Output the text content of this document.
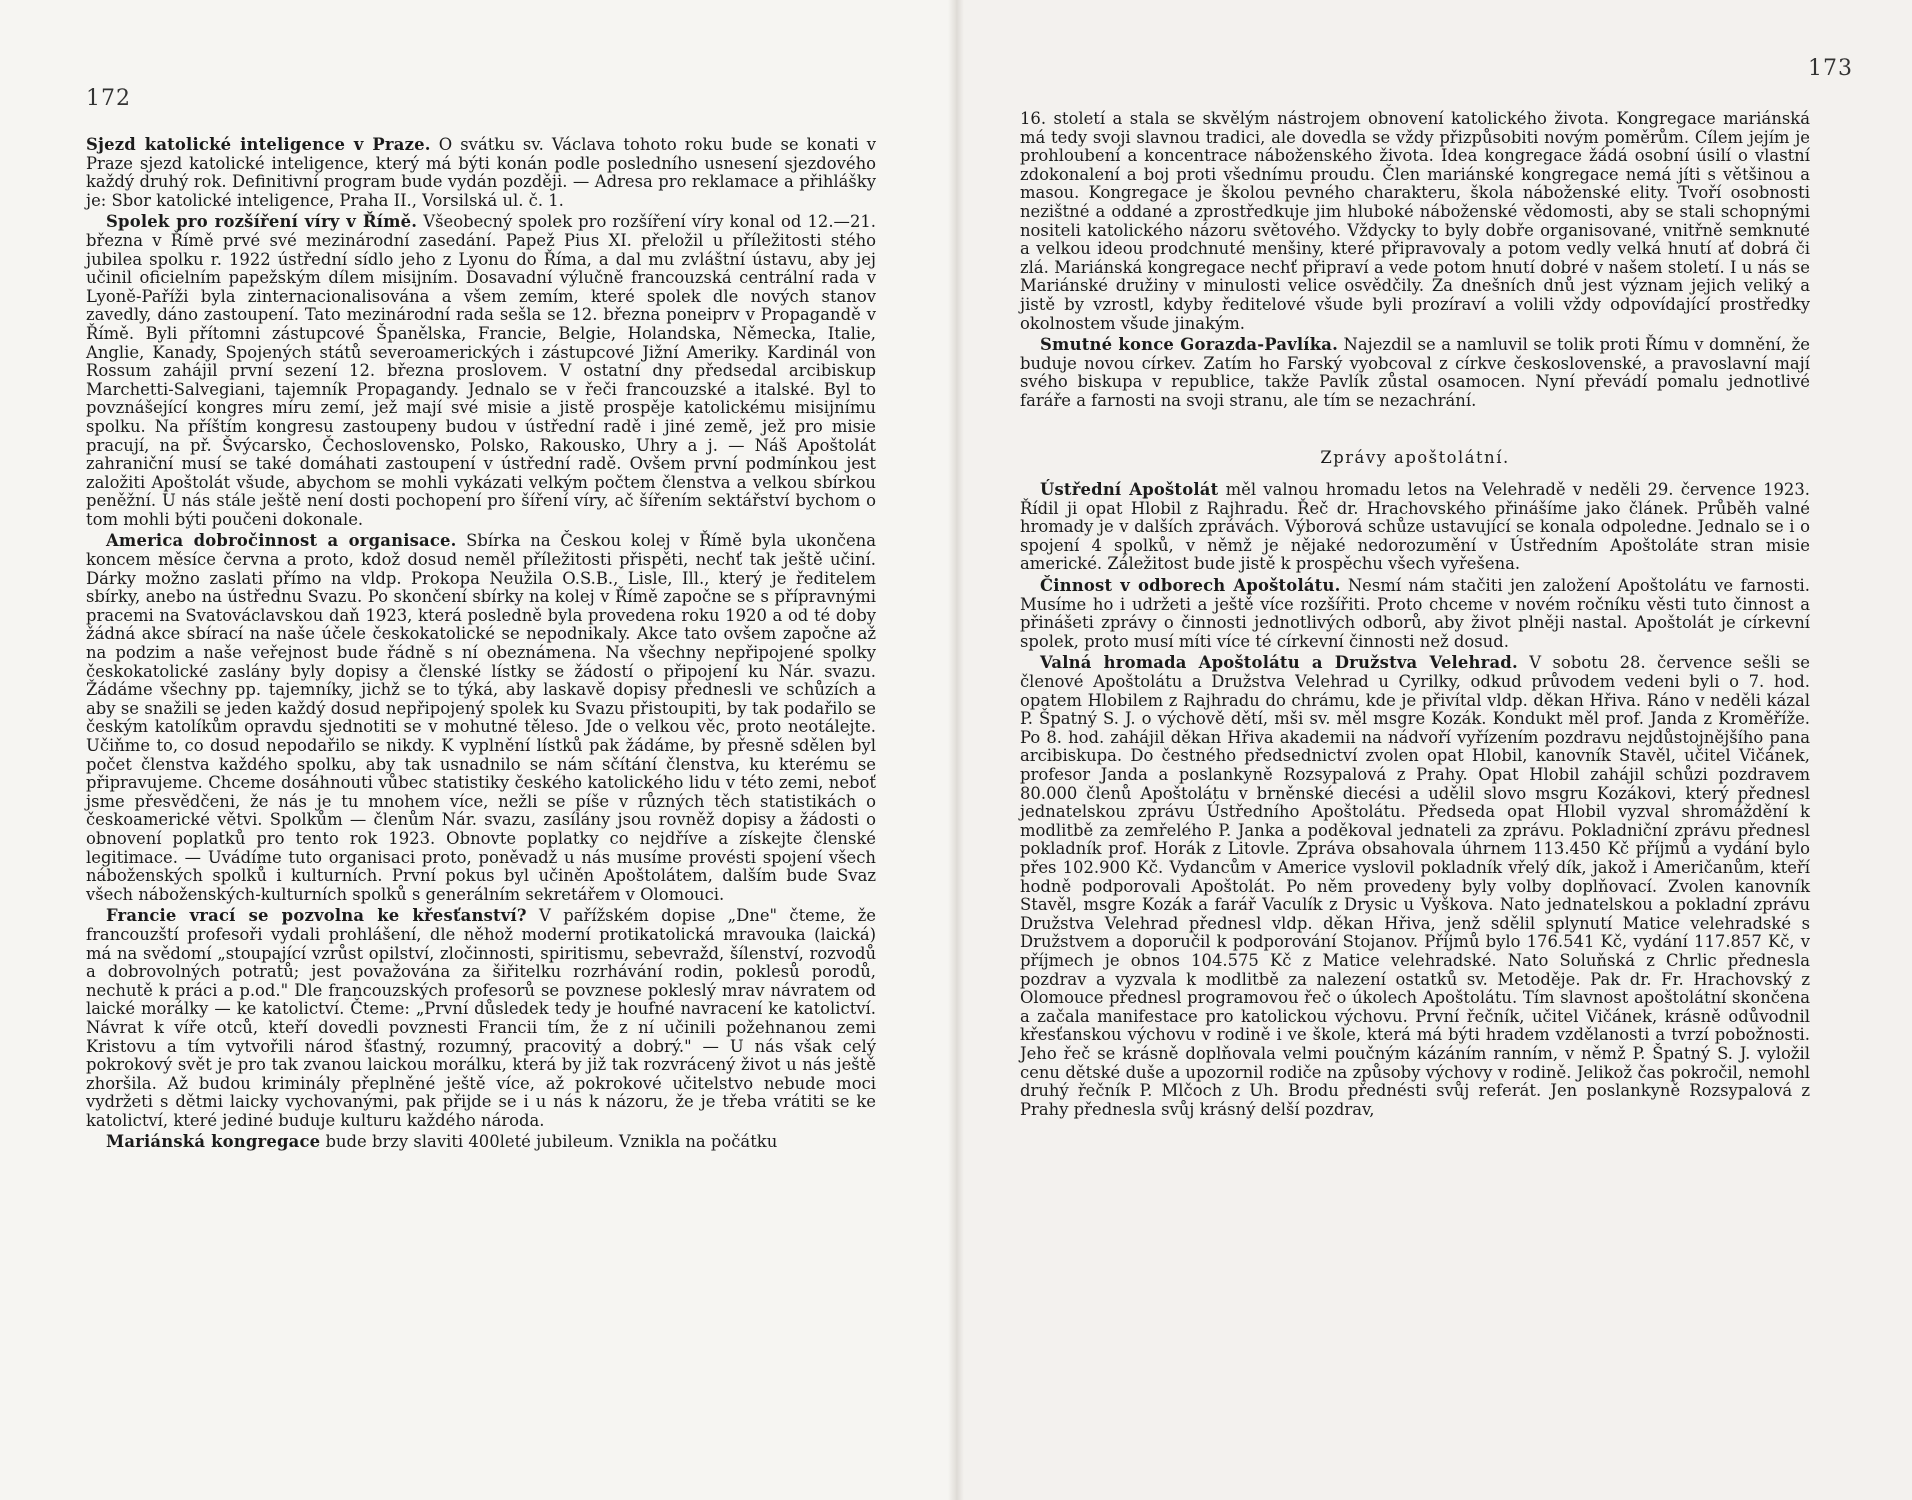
172

Sjezd katolické inteligence v Praze. O svátku sv. Václava tohoto roku bude se konati v Praze sjezd katolické inteligence, který má býti konán podle posledního usnesení sjezdového každý druhý rok. Definitivní program bude vydán později. — Adresa pro reklamace a přihlášky je: Sbor katolické inteligence, Praha II., Vorsilská ul. č. 1.

Spolek pro rozšíření víry v Římě. Všeobecný spolek pro rozšíření víry konal od 12.—21. března v Římě prvé své mezinárodní zasedání. Papež Pius XI. přeložil u příležitosti stého jubilea spolku r. 1922 ústřední sídlo jeho z Lyonu do Říma, a dal mu zvláštní ústavu, aby jej učinil oficielním papežským dílem misijním. Dosavadní výlučně francouzská centrální rada v Lyoně-Paříži byla zinternacionalisována a všem zemím, které spolek dle nových stanov zavedly, dáno zastoupení. Tato mezinárodní rada sešla se 12. března poneiprv v Propagandě v Římě. Byli přítomni zástupcové Španělska, Francie, Belgie, Holandska, Německa, Italie, Anglie, Kanady, Spojených států severoamerických i zástupcové Jižní Ameriky. Kardinál von Rossum zahájil první sezení 12. března proslovem. V ostatní dny předsedal arcibiskup Marchetti-Salvegiani, tajemník Propagandy. Jednalo se v řeči francouzské a italské. Byl to povznášející kongres míru zemí, jež mají své misie a jistě prospěje katolickému misijnímu spolku. Na příštím kongresu zastoupeny budou v ústřední radě i jiné země, jež pro misie pracují, na př. Švýcarsko, Čechoslovensko, Polsko, Rakousko, Uhry a j. — Náš Apoštolát zahraniční musí se také domáhati zastoupení v ústřední radě. Ovšem první podmínkou jest založiti Apoštolát všude, abychom se mohli vykázati velkým počtem členstva a velkou sbírkou peněžní. U nás stále ještě není dosti pochopení pro šíření víry, ač šířením sektářství bychom o tom mohli býti poučeni dokonale.

America dobročinnost a organisace. Sbírka na Českou kolej v Římě byla ukončena koncem měsíce června a proto, kdož dosud neměl příležitosti přispěti, nechť tak ještě učiní. Dárky možno zaslati přímo na vldp. Prokopa Neužila O.S.B., Lisle, Ill., který je ředitelem sbírky, anebo na ústřednu Svazu. Po skončení sbírky na kolej v Římě započne se s přípravnými pracemi na Svatováclavskou daň 1923, která posledně byla provedena roku 1920 a od té doby žádná akce sbírací na naše účele českokatolické se nepodnikaly. Akce tato ovšem započne až na podzim a naše veřejnost bude řádně s ní obeznámena. Na všechny nepřipojené spolky českokatolické zaslány byly dopisy a členské lístky se žádostí o připojení ku Nár. svazu. Žádáme všechny pp. tajemníky, jichž se to týká, aby laskavě dopisy přednesli ve schůzích a aby se snažili se jeden každý dosud nepřipojený spolek ku Svazu přistoupiti, by tak podařilo se českým katolíkům opravdu sjednotiti se v mohutné těleso. Jde o velkou věc, proto neotálejte. Učiňme to, co dosud nepodařilo se nikdy. K vyplnění lístků pak žádáme, by přesně sdělen byl počet členstva každého spolku, aby tak usnadnilo se nám sčítání členstva, ku kterému se připravujeme. Chceme dosáhnouti vůbec statistiky českého katolického lidu v této zemi, neboť jsme přesvědčeni, že nás je tu mnohem více, nežli se píše v různých těch statistikách o českoamerické větvi. Spolkům — členům Nár. svazu, zasílány jsou rovněž dopisy a žádosti o obnovení poplatků pro tento rok 1923. Obnovte poplatky co nejdříve a získejte členské legitimace. — Uvádíme tuto organisaci proto, poněvadž u nás musíme provésti spojení všech náboženských spolků i kulturních. První pokus byl učiněn Apoštolátem, dalším bude Svaz všech náboženských-kulturních spolků s generálním sekretářem v Olomouci.

Francie vrací se pozvolna ke křesťanství? V pařížském dopise „Dne" čteme, že francouzští profesoři vydali prohlášení, dle něhož moderní protikatolická mravouka (laická) má na svědomí „stoupající vzrůst opilství, zločinnosti, spiritismu, sebevražd, šílenství, rozvodů a dobrovolných potratů; jest považována za šiřitelku rozrhávání rodin, poklesů porodů, nechutě k práci a p.od." Dle francouzských profesorů se povznese pokleslý mrav návratem od laické morálky — ke katolictví. Čteme: „První důsledek tedy je houfné navracení ke katolictví. Návrat k víře otců, kteří dovedli povznesti Francii tím, že z ní učinili požehnanou zemi Kristovu a tím vytvořili národ šťastný, rozumný, pracovitý a dobrý." — U nás však celý pokrokový svět je pro tak zvanou laickou morálku, která by již tak rozvrácený život u nás ještě zhoršila. Až budou kriminály přeplněné ještě více, až pokrokové učitelstvo nebude moci vydržeti s dětmi laicky vychovanými, pak přijde se i u nás k názoru, že je třeba vrátiti se ke katolictví, které jediné buduje kulturu každého národa.

Mariánská kongregace bude brzy slaviti 400leté jubileum. Vznikla na počátku

173

16. století a stala se skvělým nástrojem obnovení katolického života. Kongregace mariánská má tedy svoji slavnou tradici, ale dovedla se vždy přizpůsobiti novým poměrům. Cílem jejím je prohloubení a koncentrace náboženského života. Idea kongregace žádá osobní úsilí o vlastní zdokonalení a boj proti všednímu proudu. Člen mariánské kongregace nemá jíti s většinou a masou. Kongregace je školou pevného charakteru, škola náboženské elity. Tvoří osobnosti nezištné a oddané a zprostředkuje jim hluboké náboženské vědomosti, aby se stali schopnými nositeli katolického názoru světového. Vždycky to byly dobře organisované, vnitřně semknuté a velkou ideou prodchnuté menšiny, které připravovaly a potom vedly velká hnutí ať dobrá či zlá. Mariánská kongregace nechť připraví a vede potom hnutí dobré v našem století. I u nás se Mariánské družiny v minulosti velice osvědčily. Za dnešních dnů jest význam jejich veliký a jistě by vzrostl, kdyby ředitelové všude byli prozíraví a volili vždy odpovídající prostředky okolnostem všude jinakým.

Smutné konce Gorazda-Pavlíka. Najezdil se a namluvil se tolik proti Římu v domnění, že buduje novou církev. Zatím ho Farský vyobcoval z církve československé, a pravoslavní mají svého biskupa v republice, takže Pavlík zůstal osamocen. Nyní převádí pomalu jednotlivé faráře a farnosti na svoji stranu, ale tím se nezachrání.

Zprávy apoštolátní.

Ústřední Apoštolát měl valnou hromadu letos na Velehradě v neděli 29. července 1923. Řídil ji opat Hlobil z Rajhradu. Řeč dr. Hrachovského přinášíme jako článek. Průběh valné hromady je v dalších zprávách. Výborová schůze ustavující se konala odpoledne. Jednalo se i o spojení 4 spolků, v němž je nějaké nedorozumění v Ústředním Apoštoláte stran misie americké. Záležitost bude jistě k prospěchu všech vyřešena.

Činnost v odborech Apoštolátu. Nesmí nám stačiti jen založení Apoštolátu ve farnosti. Musíme ho i udržeti a ještě více rozšířiti. Proto chceme v novém ročníku věsti tuto činnost a přinášeti zprávy o činnosti jednotlivých odborů, aby život plněji nastal. Apoštolát je církevní spolek, proto musí míti více té církevní činnosti než dosud.

Valná hromada Apoštolátu a Družstva Velehrad. V sobotu 28. července sešli se členové Apoštolátu a Družstva Velehrad u Cyrilky, odkud průvodem vedeni byli o 7. hod. opatem Hlobilem z Rajhradu do chrámu, kde je přivítal vldp. děkan Hřiva. Ráno v neděli kázal P. Špatný S. J. o výchově dětí, mši sv. měl msgre Kozák. Kondukt měl prof. Janda z Kroměříže. Po 8. hod. zahájil děkan Hřiva akademii na nádvoří vyřízením pozdravu nejdůstojnějšího pana arcibiskupa. Do čestného předsednictví zvolen opat Hlobil, kanovník Stavěl, učitel Vičánek, profesor Janda a poslankyně Rozsypalová z Prahy. Opat Hlobil zahájil schůzi pozdravem 80.000 členů Apoštolátu v brněnské diecési a udělil slovo msgru Kozákovi, který přednesl jednatelskou zprávu Ústředního Apoštolátu. Předseda opat Hlobil vyzval shromáždění k modlitbě za zemřelého P. Janka a poděkoval jednateli za zprávu. Pokladniční zprávu přednesl pokladník prof. Horák z Litovle. Zpráva obsahovala úhrnem 113.450 Kč příjmů a vydání bylo přes 102.900 Kč. Vydancům v Americe vyslovil pokladník vřelý dík, jakož i Američanům, kteří hodně podporovali Apoštolát. Po něm provedeny byly volby doplňovací. Zvolen kanovník Stavěl, msgre Kozák a farář Vaculík z Drysic u Vyškova. Nato jednatelskou a pokladní zprávu Družstva Velehrad přednesl vldp. děkan Hřiva, jenž sdělil splynutí Matice velehradské s Družstvem a doporučil k podporování Stojanov. Příjmů bylo 176.541 Kč, vydání 117.857 Kč, v příjmech je obnos 104.575 Kč z Matice velehradské. Nato Soluňská z Chrlic přednesla pozdrav a vyzvala k modlitbě za nalezení ostatků sv. Metoděje. Pak dr. Fr. Hrachovský z Olomouce přednesl programovou řeč o úkolech Apoštolátu. Tím slavnost apoštolátní skončena a začala manifestace pro katolickou výchovu. První řečník, učitel Vičánek, krásně odůvodnil křesťanskou výchovu v rodině i ve škole, která má býti hradem vzdělanosti a tvrzí pobožnosti. Jeho řeč se krásně doplňovala velmi poučným kázáním ranním, v němž P. Špatný S. J. vyložil cenu dětské duše a upozornil rodiče na způsoby výchovy v rodině. Jelikož čas pokročil, nemohl druhý řečník P. Mlčoch z Uh. Brodu přednésti svůj referát. Jen poslankyně Rozsypalová z Prahy přednesla svůj krásný delší pozdrav,
